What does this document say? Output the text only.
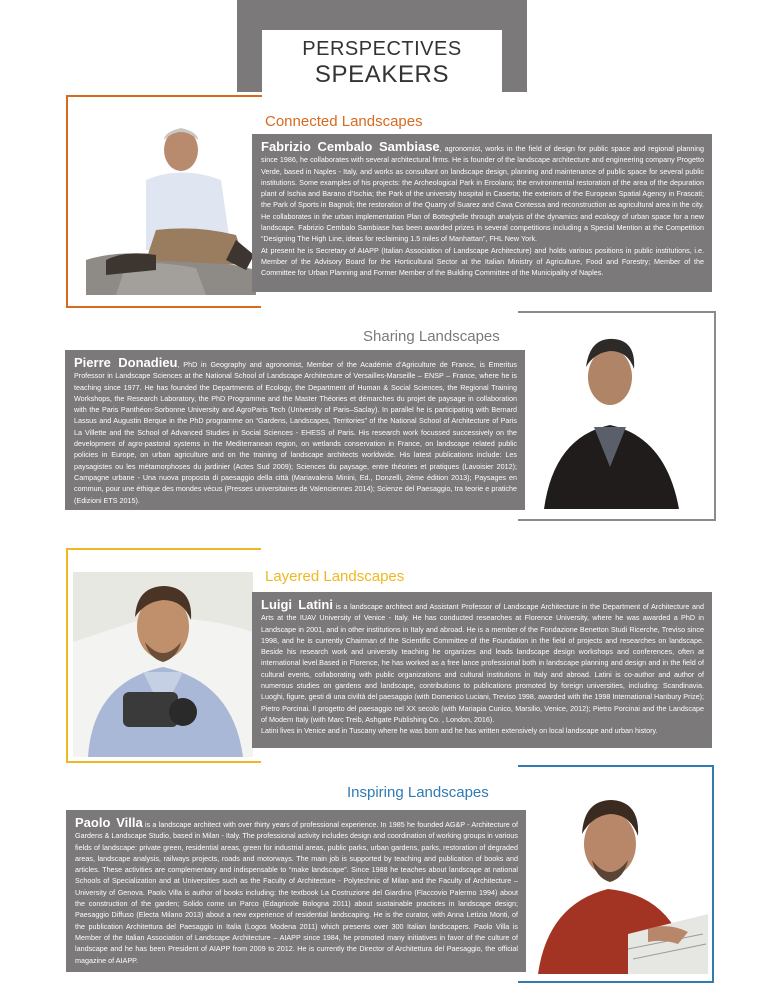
PERSPECTIVES
SPEAKERS
Connected Landscapes
Fabrizio Cembalo Sambiase, agronomist, works in the field of design for public space and regional planning since 1986, he collaborates with several architectural firms. He is founder of the landscape architecture and engineering company Progetto Verde, based in Naples - Italy, and works as consultant on landscape design, planning and maintenance of public space for several public institutions. Some examples of his projects: the Archeological Park in Ercolano; the environmental restoration of the area of the depuration plant of Ischia and Barano d’Ischia; the Park of the university hospital in Caserta; the exteriors of the European Spatial Agency in Frascati; the Park of Sports in Bagnoli; the restoration of the Quarry of Suarez and Cava Contessa and reconstruction as agricultural area in the city. He collaborates in the urban implementation Plan of Botteghelle through analysis of the dynamics and ecology of urban space for a new landscape. Fabrizio Cembalo Sambiase has been awarded prizes in several competitions including a Special Mention at the Competition “Designing The High Line, ideas for reclaiming 1.5 miles of Manhattan”, FHL New York.
At present he is Secretary of AIAPP (Italian Association of Landscape Architecture) and holds various positions in public institutions, i.e. Member of the Advisory Board for the Horticultural Sector at the Italian Ministry of Agriculture, Food and Forestry; Member of the Committee for Urban Planning and Former Member of the Building Committee of the Municipality of Naples.
Sharing Landscapes
Pierre Donadieu, PhD in Geography and agronomist, Member of the Académie d’Agriculture de France, is Emeritus Professor in Landscape Sciences at the National School of Landscape Architecture of Versailles-Marseille – ENSP – France, where he is teaching since 1977. He has founded the Departments of Ecology, the Department of Human & Social Sciences, the Regional Training Workshops, the Research Laboratory, the PhD Programme and the Master Théories et démarches du projet de paysage in collaboration with the Paris Panthéon-Sorbonne University and AgroParis Tech (University of Paris–Saclay). In parallel he is participating with Bernard Lassus and Augustin Berque in the PhD programme on “Gardens, Landscapes, Territories” of the National School of Architecture of Paris La Villette and the School of Advanced Studies in Social Sciences - EHESS of Paris. His research work focussed successively on the development of agro-pastoral systems in the Mediterranean region, on wetlands conservation in France, on landscape related public policies in Europe, on urban agriculture and on the training of landscape architects worldwide. His latest publications include: Les paysagistes ou les métamorphoses du jardinier (Actes Sud 2009); Sciences du paysage, entre théories et pratiques (Lavoisier 2012); Campagne urbane - Una nuova proposta di paesaggio della città (Mariavaleria Minini, Ed., Donzelli, 2ème édition 2013); Paysages en commun, pour une éthique des mondes vécus (Presses universitaires de Valenciennes 2014); Scienze del Paesaggio, tra teorie e pratiche (Edizioni ETS 2015).
Layered Landscapes
Luigi Latini is a landscape architect and Assistant Professor of Landscape Architecture in the Department of Architecture and Arts at the IUAV University of Venice - Italy. He has conducted researches at Florence University, where he was awarded a PhD in Landscape in 2001, and in other institutions in Italy and abroad. He is a member of the Fondazione Benetton Studi Ricerche, Treviso since 1998, and he is currently Chairman of the Scientific Committee of the Foundation in the field of projects and researches on landscape. Beside his research work and university teaching he organizes and leads landscape design workshops and conferences, often at international level.Based in Florence, he has worked as a free lance professional both in landscape planning and design and in the field of cultural events, collaborating with public organizations and cultural institutions in Italy and abroad. Latini is co-author and author of numerous studies on gardens and landscape, contributions to publications promoted by foreign universities, including: Scandinavia. Luoghi, figure, gesti di una civiltà del paesaggio (with Domenico Luciani, Treviso 1998, awarded with the 1998 International Hanbury Prize); Pietro Porcinai. Il progetto del paesaggio nel XX secolo (with Mariapia Cunico, Marsilio, Venice, 2012); Pietro Porcinai and the Landscape of Modern Italy (with Marc Treib, Ashgate Publishing Co. , London, 2016).
Latini lives in Venice and in Tuscany where he was born and he has written extensively on local landscape and urban history.
Inspiring Landscapes
Paolo Villa is a landscape architect with over thirty years of professional experience. In 1985 he founded AG&P - Architecture of Gardens & Landscape Studio, based in Milan - Italy. The professional activity includes design and coordination of working groups in various fields of landscape: private green, residential areas, green for industrial areas, public parks, urban gardens, parks, restoration of degraded areas, landscape analysis, railways projects, roads and motorways. The main job is supported by teaching and publication of books and articles. These activities are complementary and indispensable to “make landscape”. Since 1988 he teaches about landscape at national Schools of Specialization and at Universities such as the Faculty of Architecture - Polytechnic of Milan and the Faculty of Architecture – University of Genova. Paolo Villa is author of books including: the textbook La Costruzione del Giardino (Flaccovio Palermo 1994) about the construction of the garden; Solido come un Parco (Edagricole Bologna 2011) about sustainable practices in landscape design; Paesaggio Diffuso (Electa Milano 2013) about a new experience of residential landscaping. He is the curator, with Anna Letizia Monti, of the publication Architettura del Paesaggio in Italia (Logos Modena 2011) which presents over 300 Italian landscapers. Paolo Villa is Member of the Italian Association of Landscape Architecture – AIAPP since 1984, he promoted many initiatives in favor of the culture of landscape and he has been President of AIAPP from 2009 to 2012. He is currently the Director of Architettura del Paesaggio, the official magazine of AIAPP.
